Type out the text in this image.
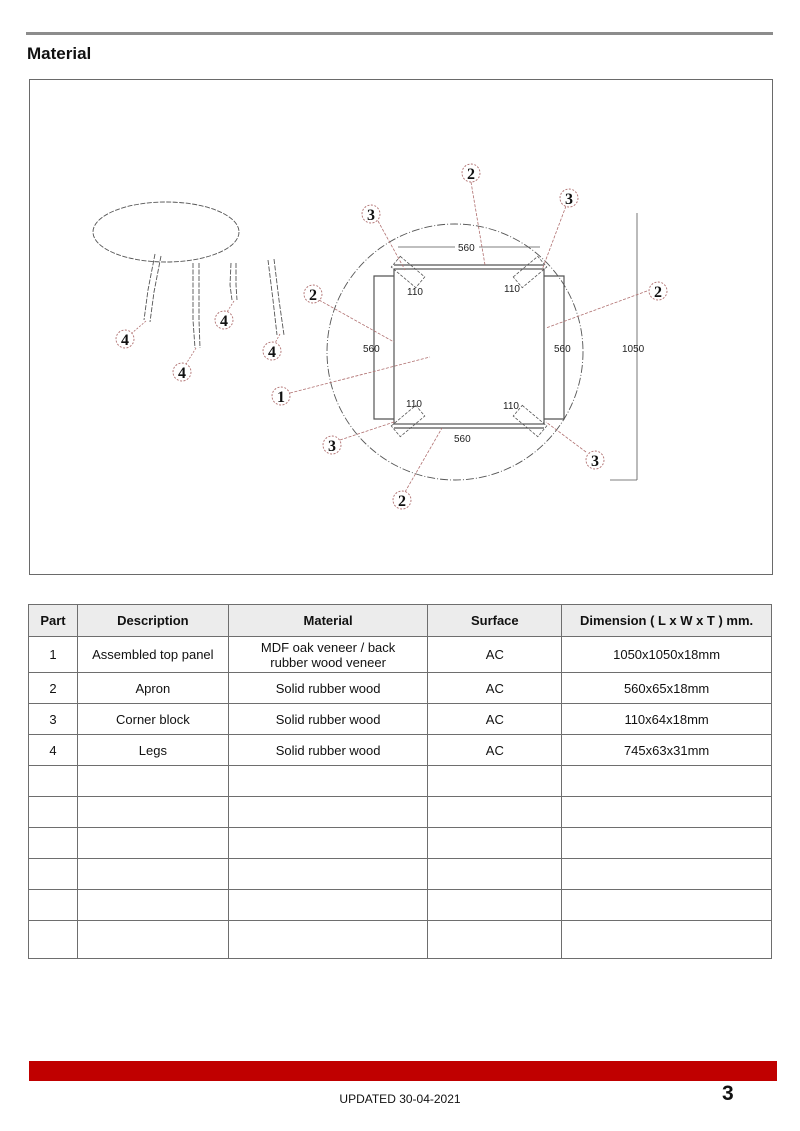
Material
560
560
560	560	1050
110	110
110	110
4
4
4
4
2
2	2
2
3
3
3
3
1
Part	Description	Material	Surface	Dimension ( L x W x T ) mm.
1	Assembled top panel	MDF oak veneer / back rubber wood veneer	AC	1050x1050x18mm
2	Apron	Solid rubber wood	AC	560x65x18mm
3	Corner block	Solid rubber wood	AC	110x64x18mm
4	Legs	Solid rubber wood	AC	745x63x31mm

UPDATED 30-04-2021	3
